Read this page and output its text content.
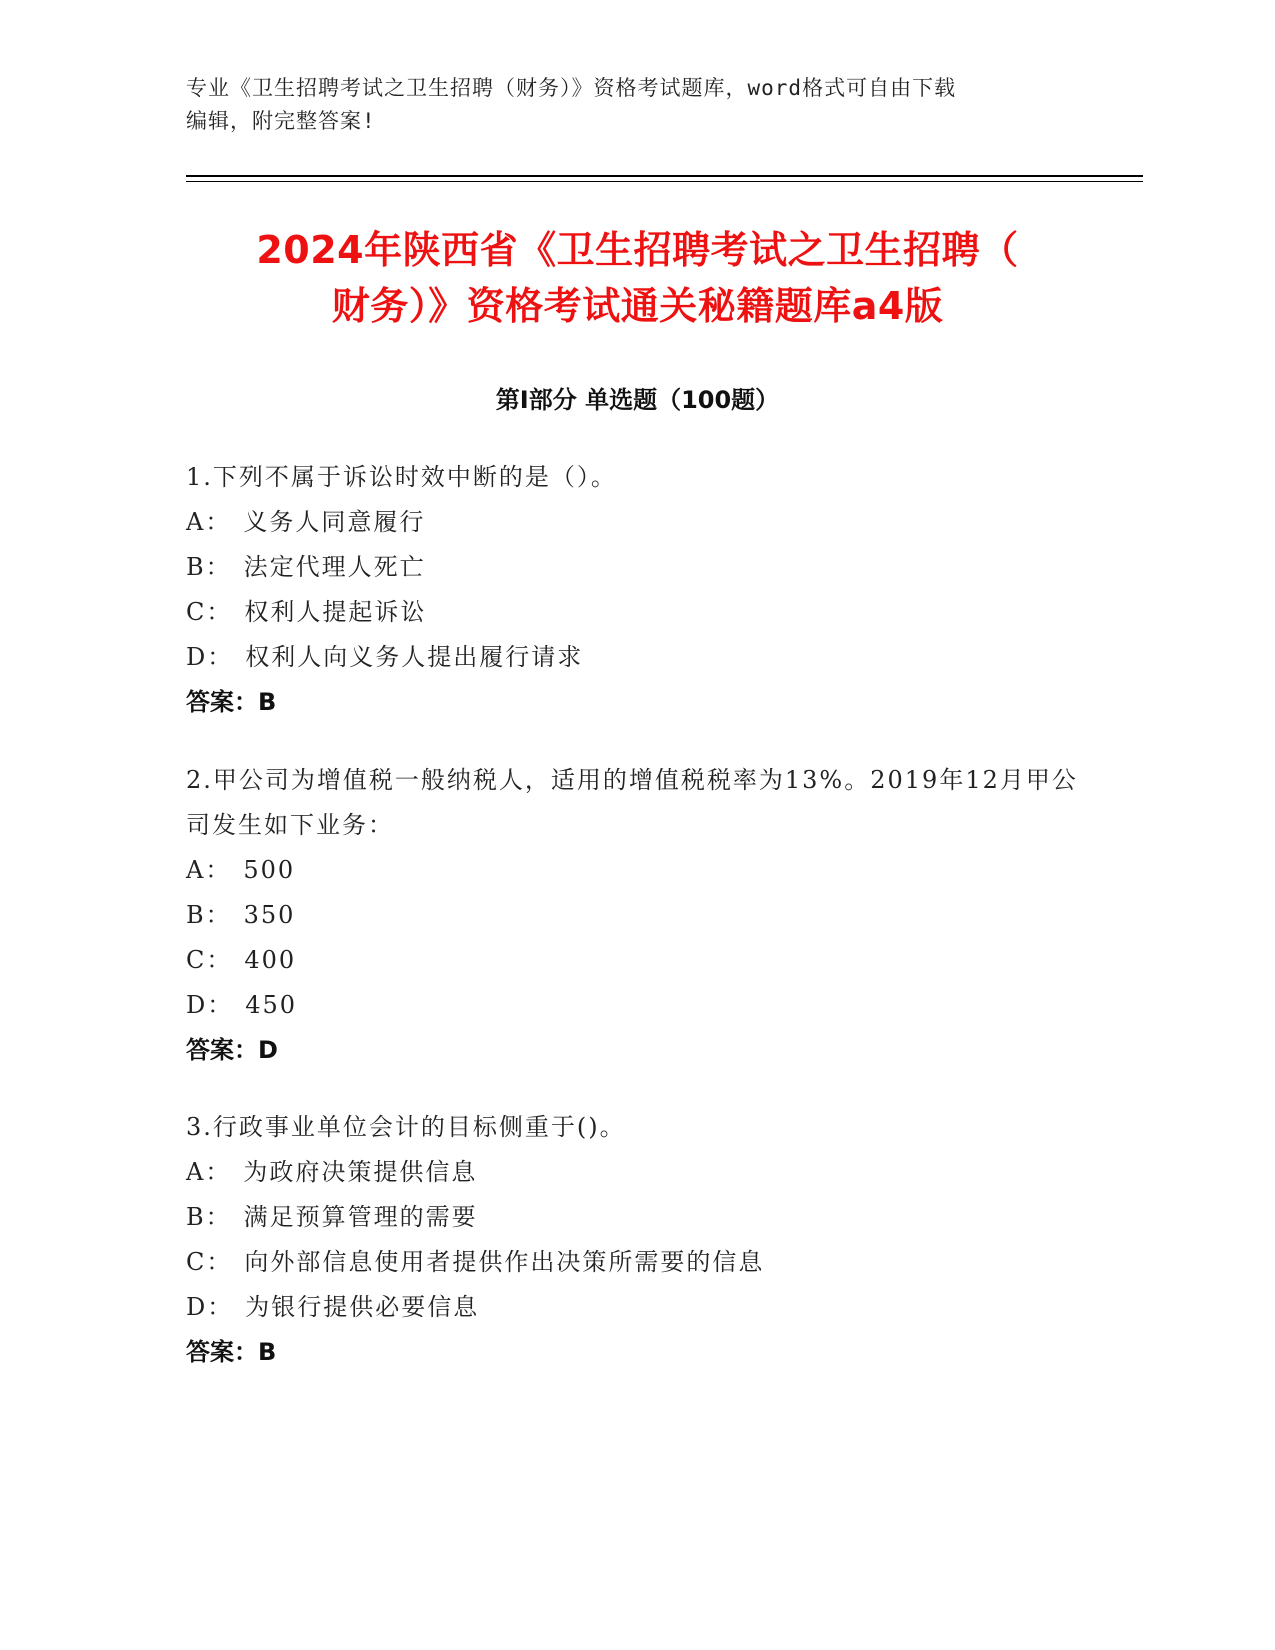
专业《卫生招聘考试之卫生招聘（财务）》资格考试题库，word格式可自由下载
编辑，附完整答案!
2024年陕西省《卫生招聘考试之卫生招聘（
财务）》资格考试通关秘籍题库a4版
第I部分 单选题（100题）
1.下列不属于诉讼时效中断的是（）。
A： 义务人同意履行
B： 法定代理人死亡
C： 权利人提起诉讼
D： 权利人向义务人提出履行请求
答案：B
2.甲公司为增值税一般纳税人，适用的增值税税率为13%。2019年12月甲公司发生如下业务：
A： 500
B： 350
C： 400
D： 450
答案：D
3.行政事业单位会计的目标侧重于()。
A： 为政府决策提供信息
B： 满足预算管理的需要
C： 向外部信息使用者提供作出决策所需要的信息
D： 为银行提供必要信息
答案：B
